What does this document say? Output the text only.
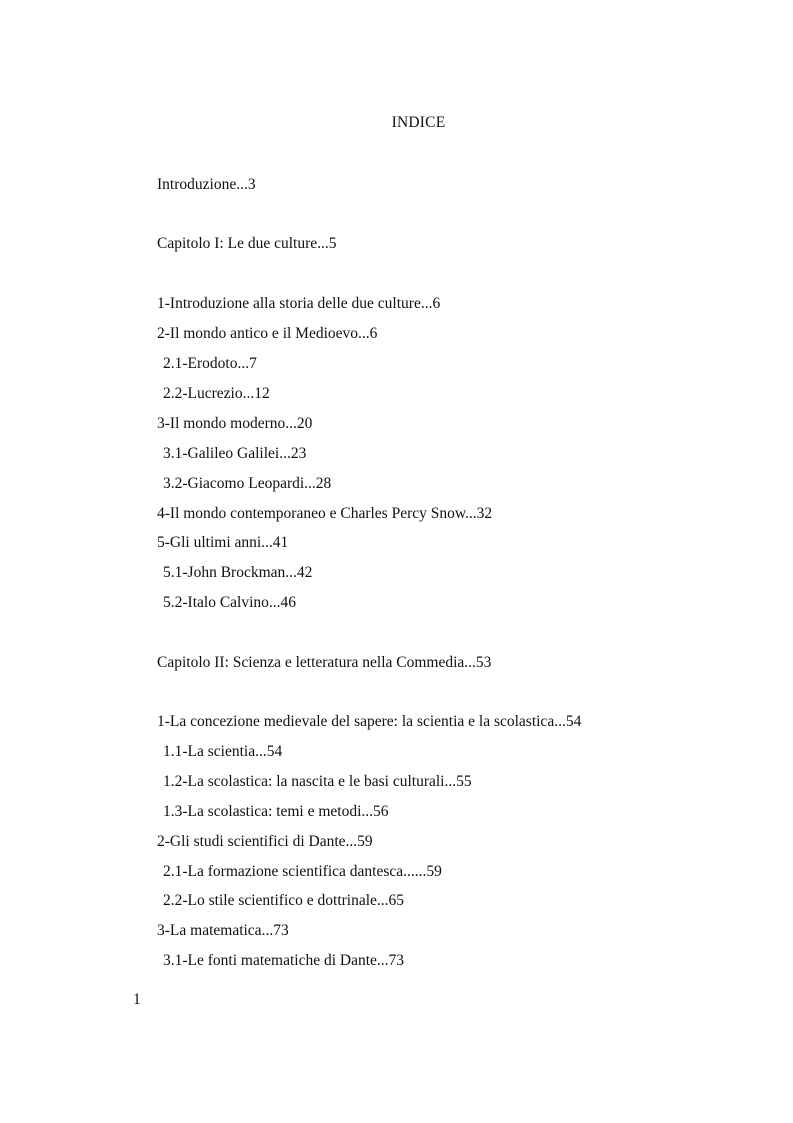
INDICE
Introduzione...3
Capitolo I: Le due culture...5
1-Introduzione alla storia delle due culture...6
2-Il mondo antico e il Medioevo...6
2.1-Erodoto...7
2.2-Lucrezio...12
3-Il mondo moderno...20
3.1-Galileo Galilei...23
3.2-Giacomo Leopardi...28
4-Il mondo contemporaneo e Charles Percy Snow...32
5-Gli ultimi anni...41
5.1-John Brockman...42
5.2-Italo Calvino...46
Capitolo II: Scienza e letteratura nella Commedia...53
1-La concezione medievale del sapere: la scientia e la scolastica...54
1.1-La scientia...54
1.2-La scolastica: la nascita e le basi culturali...55
1.3-La scolastica: temi e metodi...56
2-Gli studi scientifici di Dante...59
2.1-La formazione scientifica dantesca......59
2.2-Lo stile scientifico e dottrinale...65
3-La matematica...73
3.1-Le fonti matematiche di Dante...73
1
